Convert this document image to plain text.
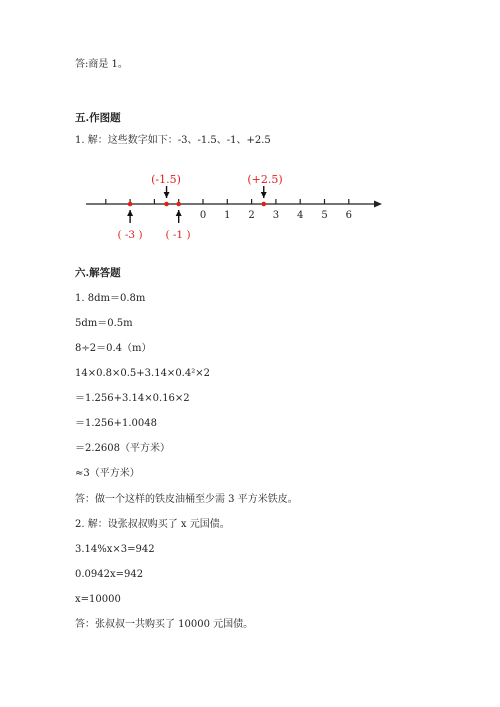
答:商是 1。
五.作图题
1. 解：这些数字如下：-3、-1.5、-1、+2.5
0 1 2 3 4 5 6
(-1.5)	(+2.5)
( -3 ) ( -1 )
六.解答题
1. 8dm＝0.8m
5dm＝0.5m
8÷2＝0.4（m）
14×0.8×0.5+3.14×0.4²×2
＝1.256+3.14×0.16×2
＝1.256+1.0048
＝2.2608（平方米）
≈3（平方米）
答：做一个这样的铁皮油桶至少需 3 平方米铁皮。
2. 解：设张叔叔购买了 x 元国债。
3.14%x×3=942
0.0942x=942
x=10000
答：张叔叔一共购买了 10000 元国债。
